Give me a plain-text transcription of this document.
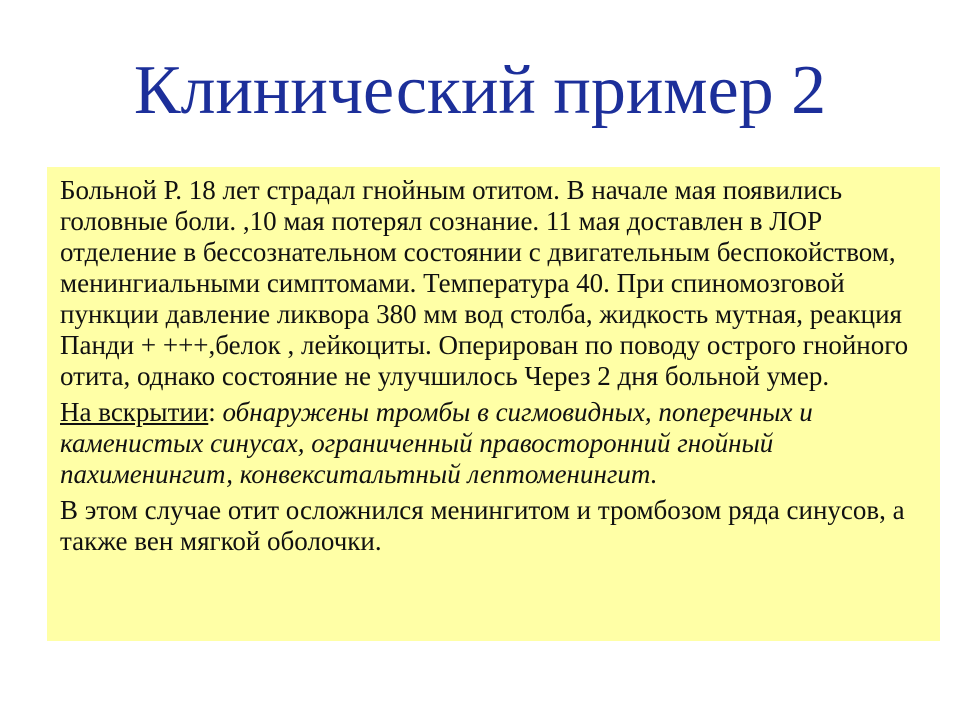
Клинический пример 2

Больной Р. 18 лет страдал гнойным отитом. В начале мая появились головные боли. ,10 мая потерял сознание. 11 мая доставлен в ЛОР отделение в бессознательном состоянии с двигательным беспокойством, менингиальными симптомами. Температура 40. При спиномозговой пункции давление ликвора 380 мм вод столба, жидкость мутная, реакция Панди + +++,белок , лейкоциты. Оперирован по поводу острого гнойного отита, однако состояние не улучшилось Через 2 дня больной умер.

На вскрытии: обнаружены тромбы в сигмовидных, поперечных и каменистых синусах, ограниченный правосторонний гнойный пахименингит, конвекситальтный лептоменингит.

В этом случае отит осложнился менингитом и тромбозом ряда синусов, а также вен мягкой оболочки.
